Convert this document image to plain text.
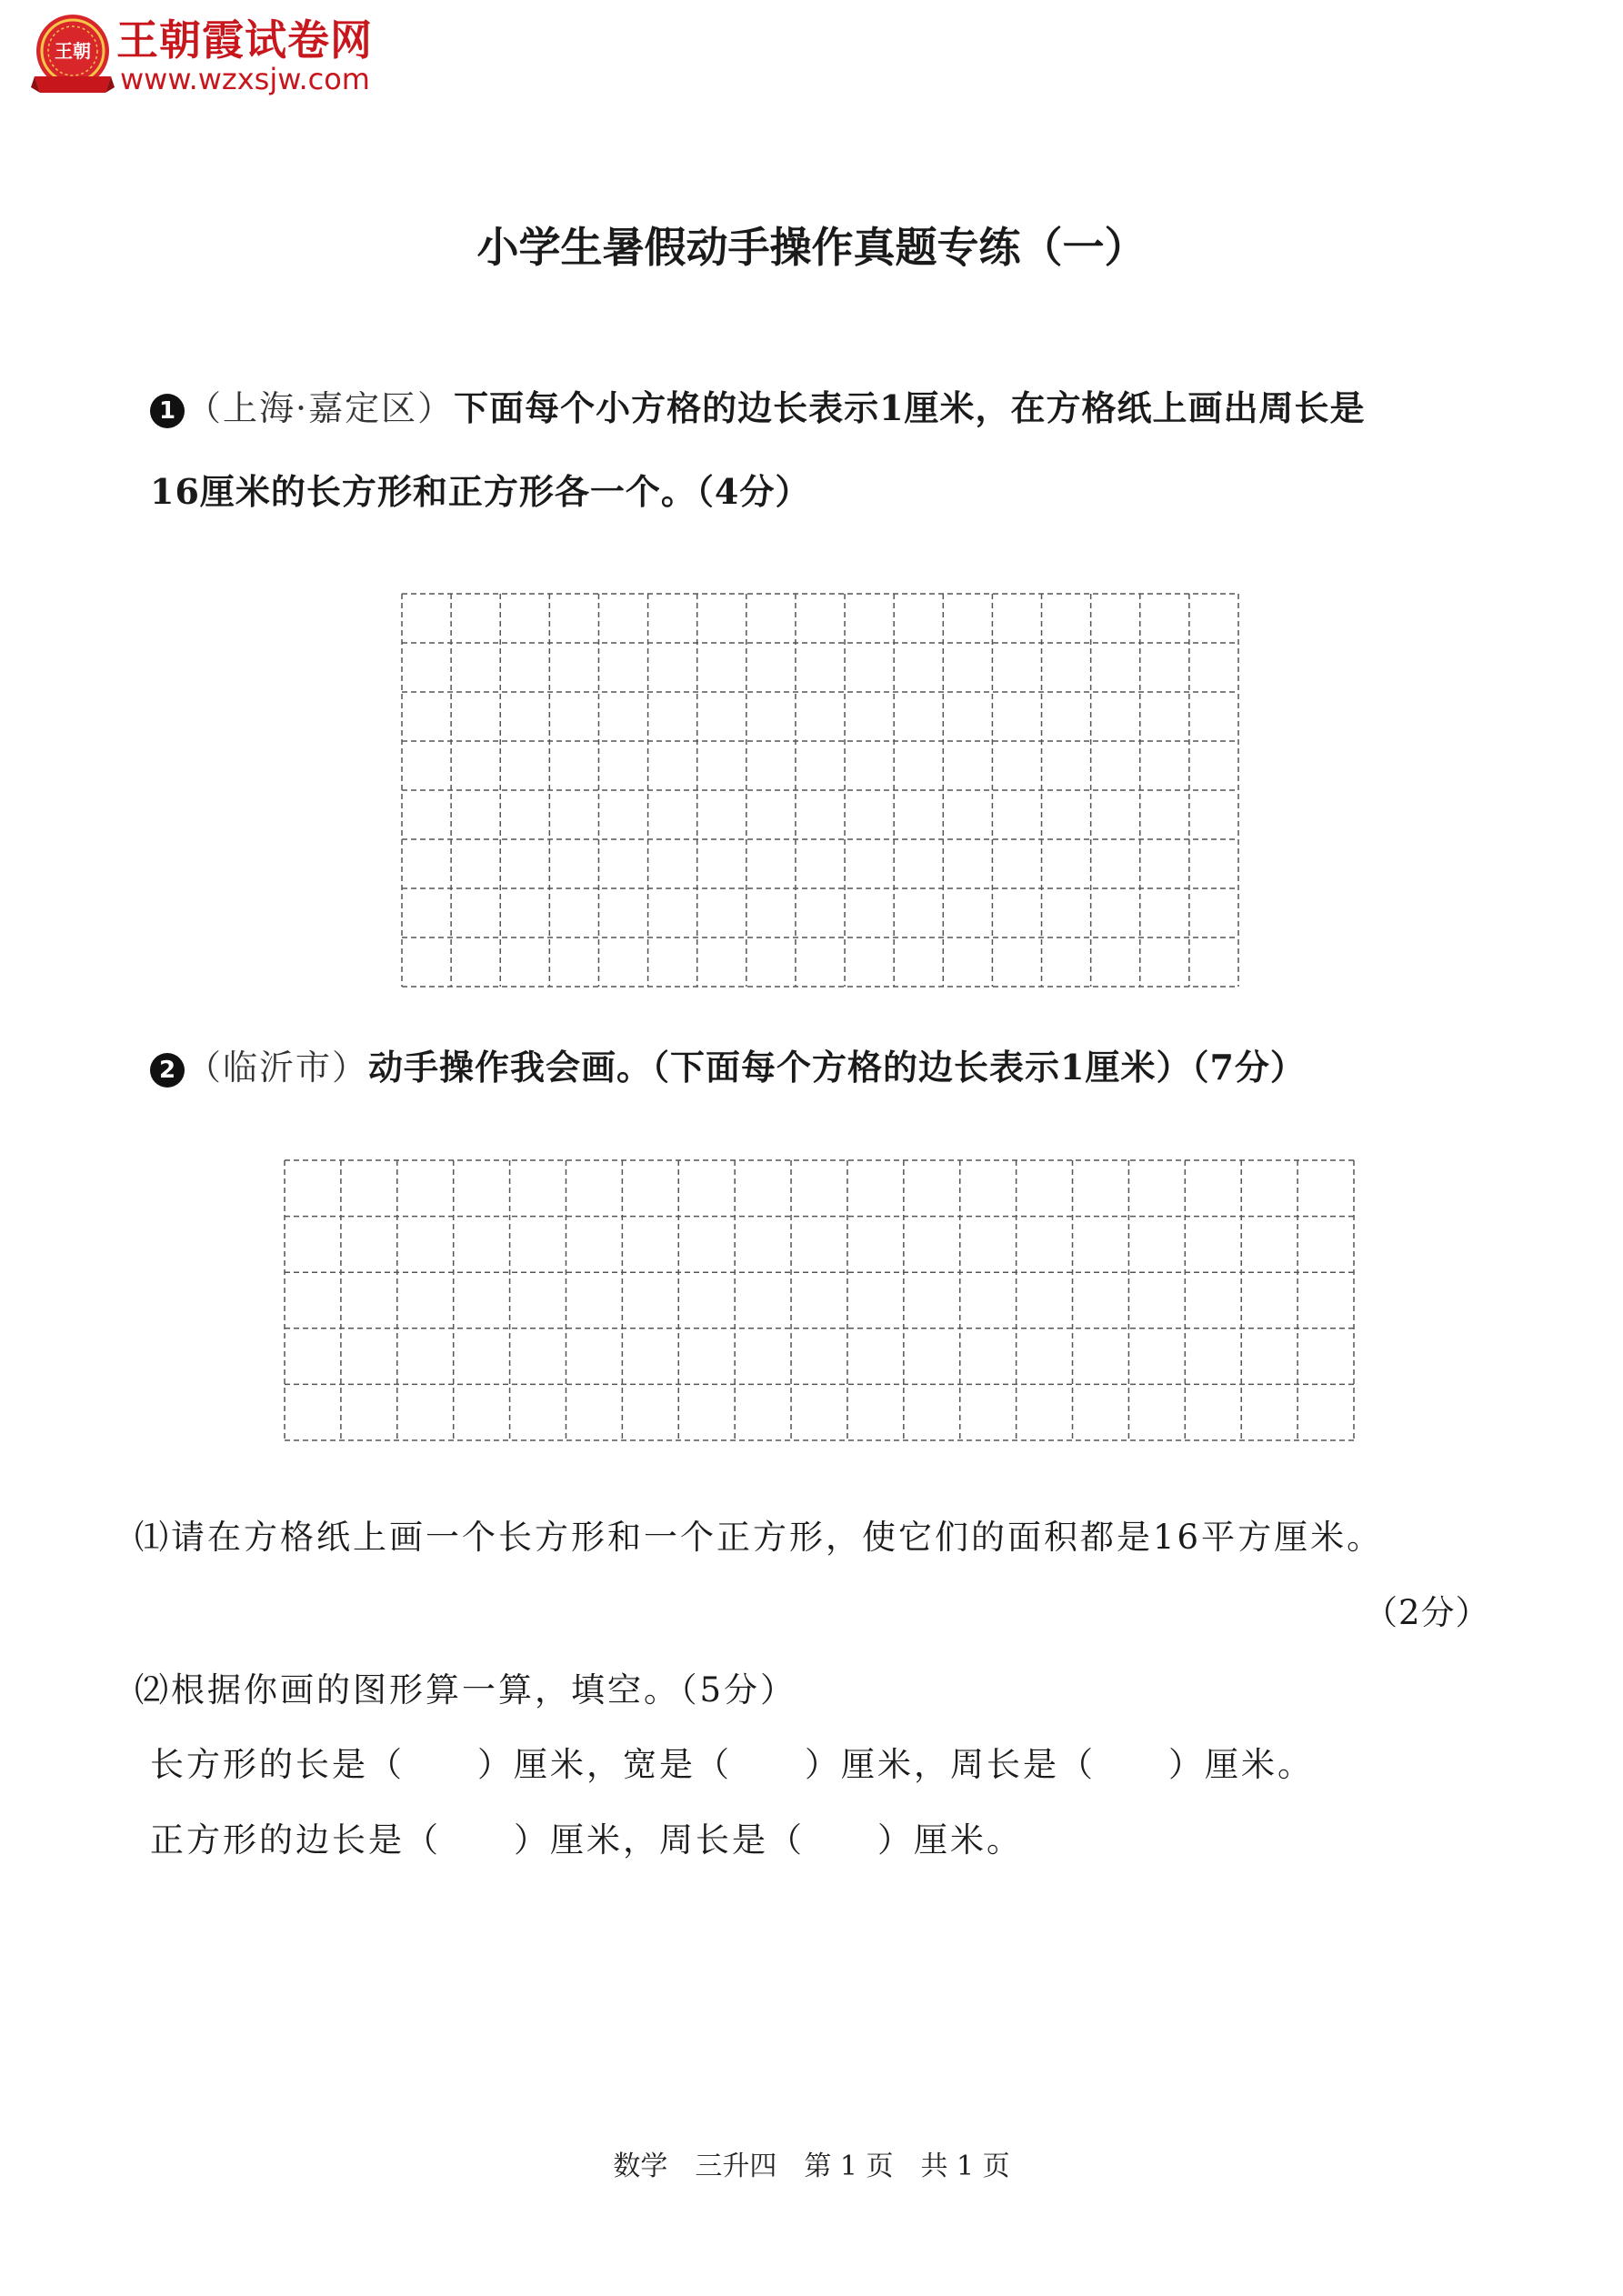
王朝 王朝霞试卷网
www.wzxsjw.com
小学生暑假动手操作真题专练（一）
1 （上海·嘉定区）下面每个小方格的边长表示1厘米，在方格纸上画出周长是
16厘米的长方形和正方形各一个。（4分）
2 （临沂市）动手操作我会画。（下面每个方格的边长表示1厘米）（7分）
⑴请在方格纸上画一个长方形和一个正方形，使它们的面积都是16平方厘米。
（2分）
⑵根据你画的图形算一算，填空。（5分）
长方形的长是（　　）厘米，宽是（　　）厘米，周长是（　　）厘米。
正方形的边长是（　　）厘米，周长是（　　）厘米。
数学　三升四　第 1 页　共 1 页
